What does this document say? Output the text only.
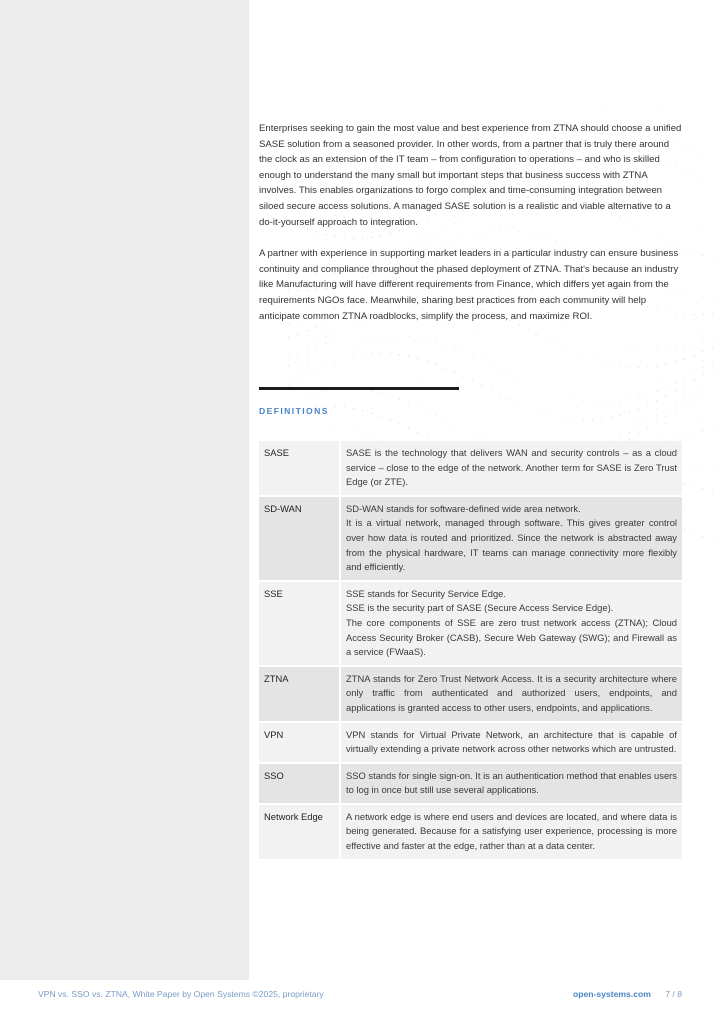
Enterprises seeking to gain the most value and best experience from ZTNA should choose a unified SASE solution from a seasoned provider. In other words, from a partner that is truly there around the clock as an extension of the IT team – from configuration to operations – and who is skilled enough to understand the many small but important steps that business success with ZTNA involves. This enables organizations to forgo complex and time-consuming integration between siloed secure access solutions. A managed SASE solution is a realistic and viable alternative to a do-it-yourself approach to integration.

A partner with experience in supporting market leaders in a particular industry can ensure business continuity and compliance throughout the phased deployment of ZTNA. That's because an industry like Manufacturing will have different requirements from Finance, which differs yet again from the requirements NGOs face. Meanwhile, sharing best practices from each community will help anticipate common ZTNA roadblocks, simplify the process, and maximize ROI.

DEFINITIONS
SASE	SASE is the technology that delivers WAN and security controls – as a cloud service – close to the edge of the network. Another term for SASE is Zero Trust Edge (or ZTE).

SD-WAN	SD-WAN stands for software-defined wide area network.
It is a virtual network, managed through software. This gives greater control over how data is routed and prioritized. Since the network is abstracted away from the physical hardware, IT teams can manage connectivity more flexibly and efficiently.

SSE	SSE stands for Security Service Edge.
SSE is the security part of SASE (Secure Access Service Edge).
The core components of SSE are zero trust network access (ZTNA); Cloud Access Security Broker (CASB), Secure Web Gateway (SWG); and Firewall as a service (FWaaS).

ZTNA	ZTNA stands for Zero Trust Network Access. It is a security architecture where only traffic from authenticated and authorized users, endpoints, and applications is granted access to other users, endpoints, and applications.

VPN	VPN stands for Virtual Private Network, an architecture that is capable of virtually extending a private network across other networks which are untrusted.

SSO	SSO stands for single sign-on. It is an authentication method that enables users to log in once but still use several applications.

Network Edge	A network edge is where end users and devices are located, and where data is being generated. Because for a satisfying user experience, processing is more effective and faster at the edge, rather than at a data center.
VPN vs. SSO vs. ZTNA, White Paper by Open Systems ©2025, proprietary	open-systems.com 7 / 8
